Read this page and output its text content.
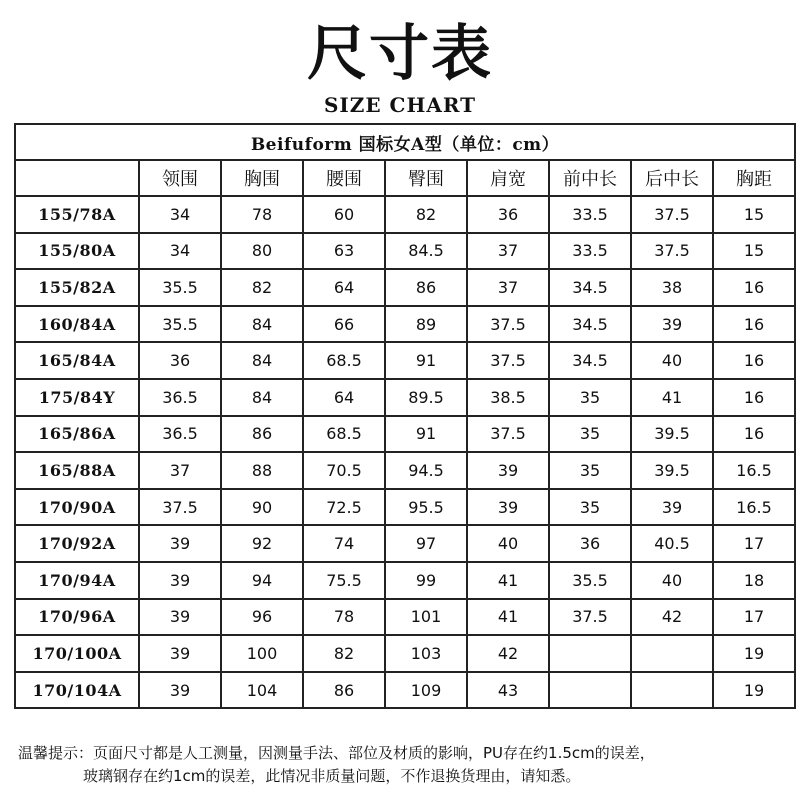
尺寸表
SIZE CHART
Beifuform 国标女A型（单位：cm）								
	领围	胸围	腰围	臀围	肩宽	前中长	后中长	胸距
155/78A	34	78	60	82	36	33.5	37.5	15
155/80A	34	80	63	84.5	37	33.5	37.5	15
155/82A	35.5	82	64	86	37	34.5	38	16
160/84A	35.5	84	66	89	37.5	34.5	39	16
165/84A	36	84	68.5	91	37.5	34.5	40	16
175/84Y	36.5	84	64	89.5	38.5	35	41	16
165/86A	36.5	86	68.5	91	37.5	35	39.5	16
165/88A	37	88	70.5	94.5	39	35	39.5	16.5
170/90A	37.5	90	72.5	95.5	39	35	39	16.5
170/92A	39	92	74	97	40	36	40.5	17
170/94A	39	94	75.5	99	41	35.5	40	18
170/96A	39	96	78	101	41	37.5	42	17
170/100A	39	100	82	103	42			19
170/104A	39	104	86	109	43			19
温馨提示：页面尺寸都是人工测量，因测量手法、部位及材质的影响，PU存在约1.5cm的误差，
玻璃钢存在约1cm的误差，此情况非质量问题，不作退换货理由，请知悉。
